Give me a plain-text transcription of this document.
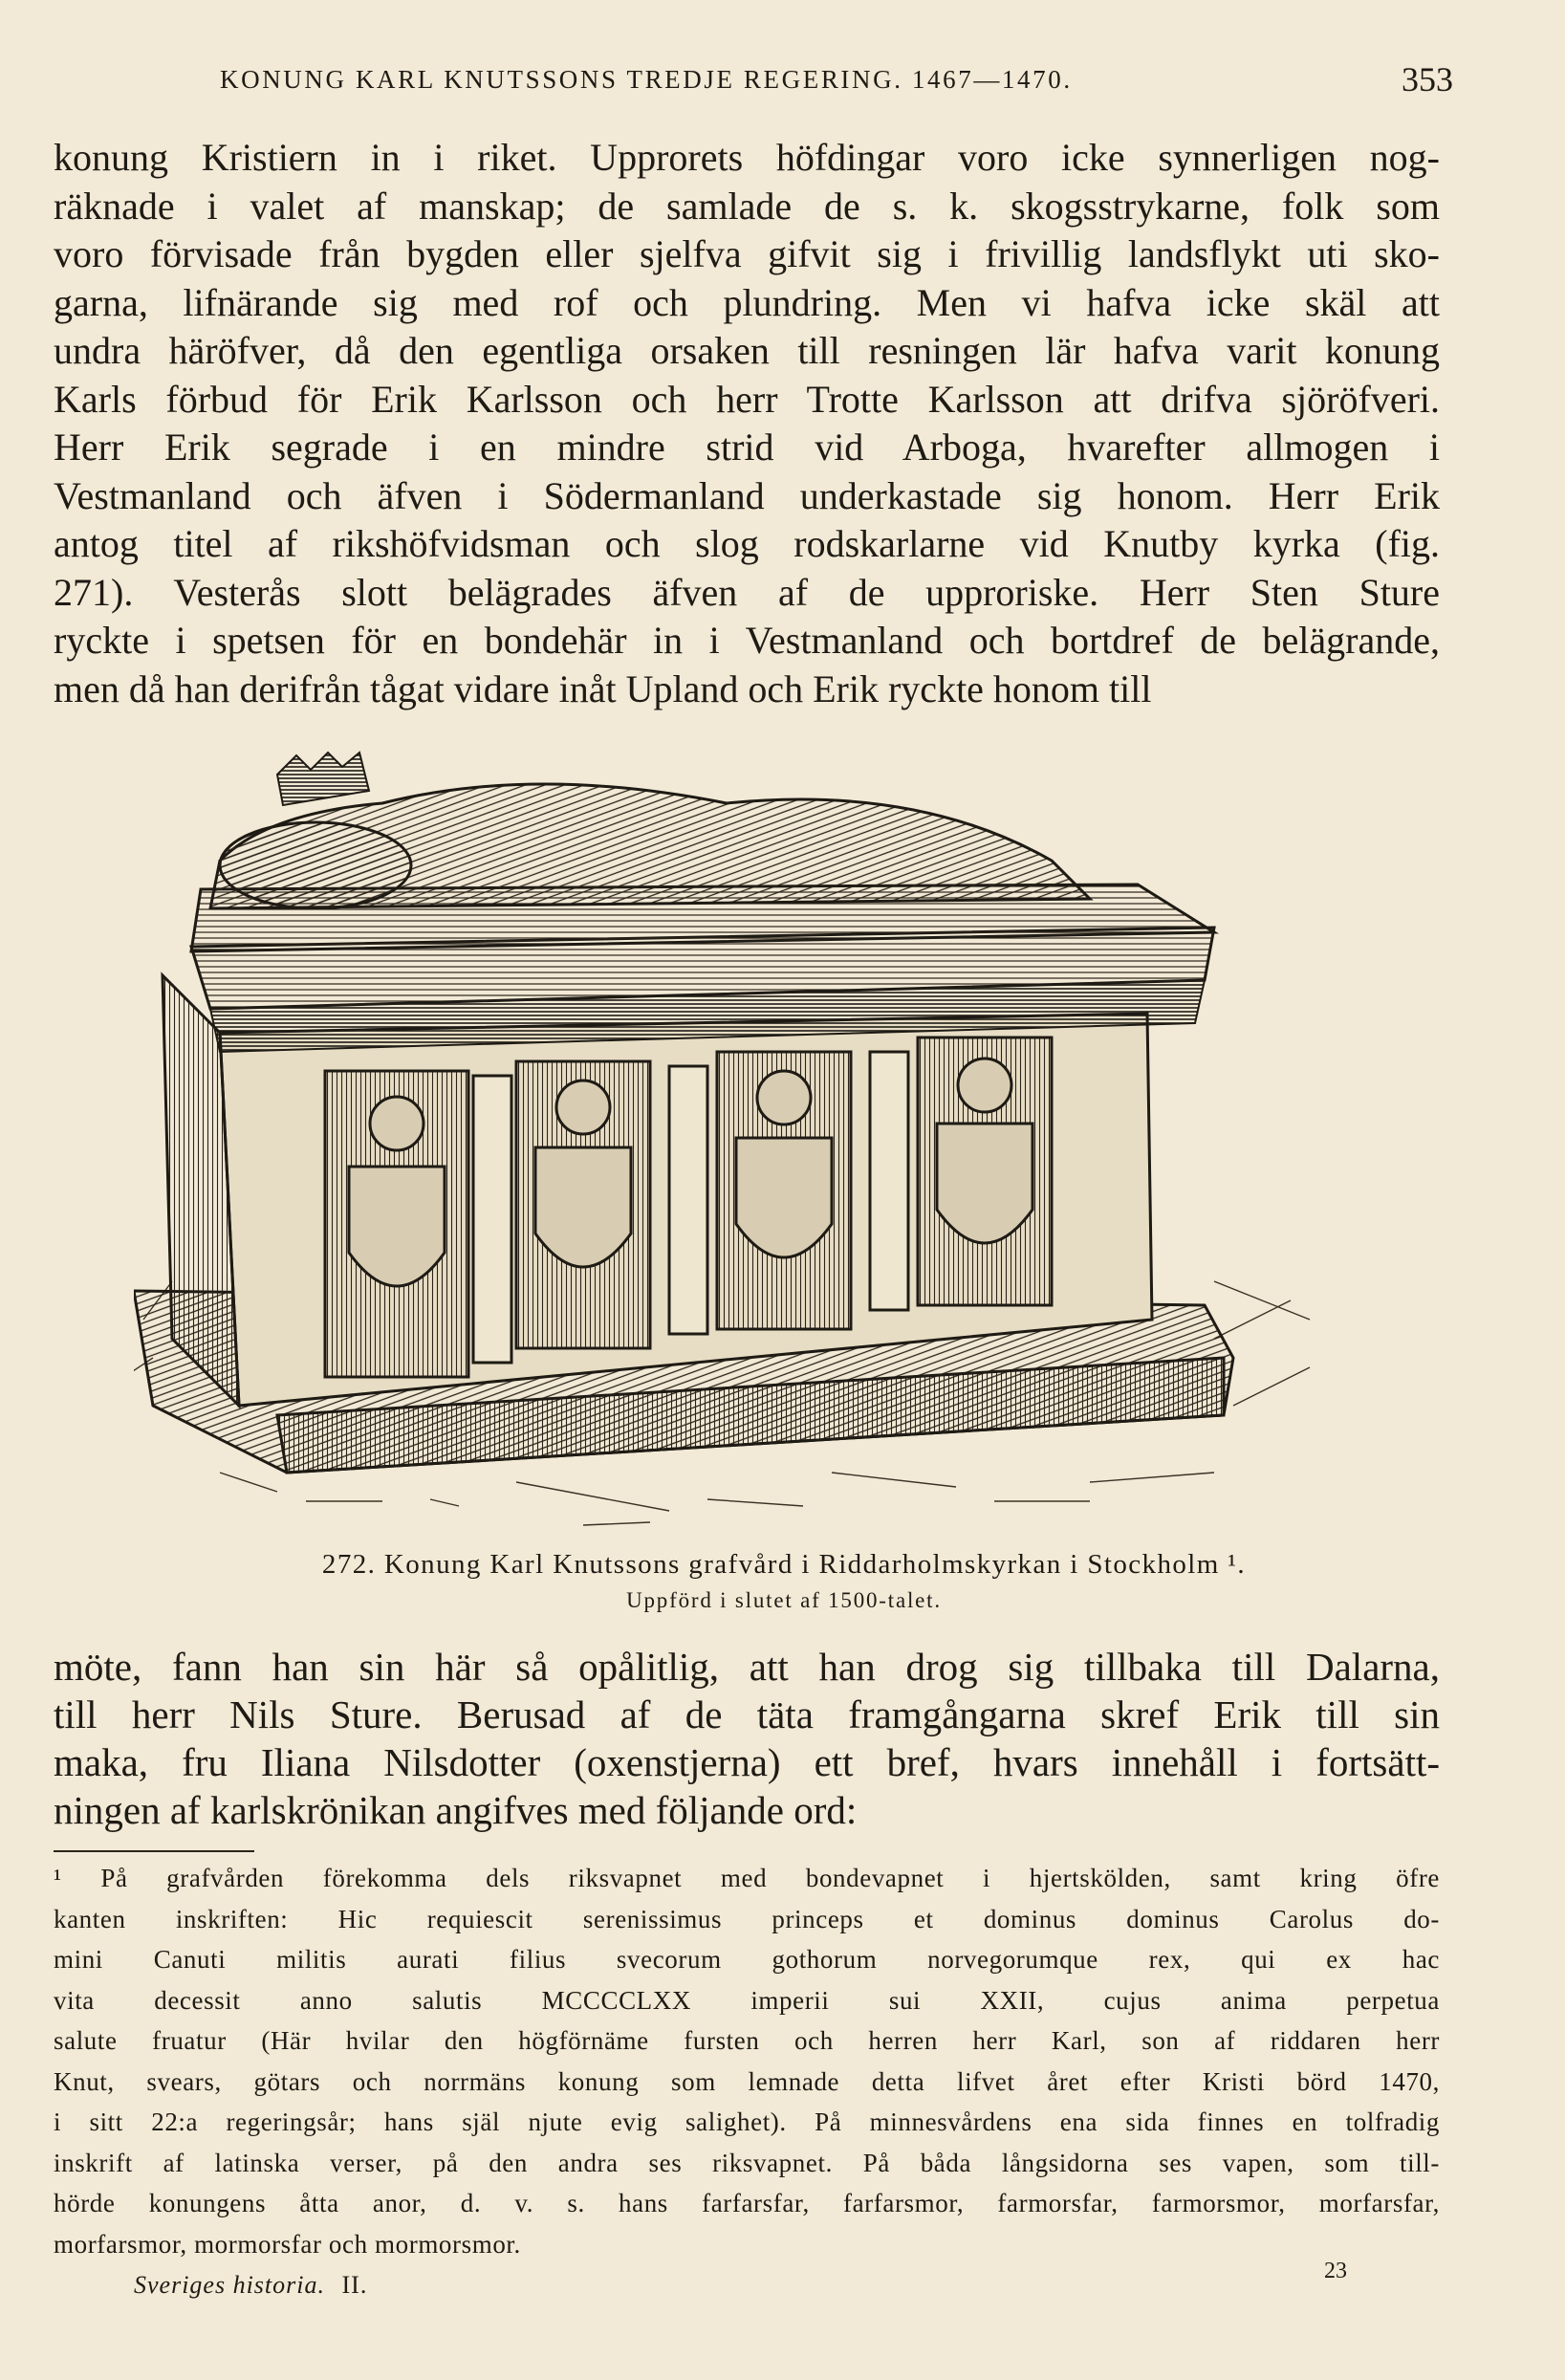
KONUNG KARL KNUTSSONS TREDJE REGERING. 1467—1470.	353
konung Kristiern in i riket. Upprorets höfdingar voro icke synnerligen nog-
räknade i valet af manskap; de samlade de s. k. skogsstrykarne, folk som
voro förvisade från bygden eller sjelfva gifvit sig i frivillig landsflykt uti sko-
garna, lifnärande sig med rof och plundring. Men vi hafva icke skäl att
undra häröfver, då den egentliga orsaken till resningen lär hafva varit konung
Karls förbud för Erik Karlsson och herr Trotte Karlsson att drifva sjöröfveri.
Herr Erik segrade i en mindre strid vid Arboga, hvarefter allmogen i
Vestmanland och äfven i Södermanland underkastade sig honom. Herr Erik
antog titel af rikshöfvidsman och slog rodskarlarne vid Knutby kyrka (fig.
271). Vesterås slott belägrades äfven af de upproriske. Herr Sten Sture
ryckte i spetsen för en bondehär in i Vestmanland och bortdref de belägrande,
men då han derifrån tågat vidare inåt Upland och Erik ryckte honom till
272. Konung Karl Knutssons grafvård i Riddarholmskyrkan i Stockholm ¹.
Uppförd i slutet af 1500-talet.
möte, fann han sin här så opålitlig, att han drog sig tillbaka till Dalarna,
till herr Nils Sture. Berusad af de täta framgångarna skref Erik till sin
maka, fru Iliana Nilsdotter (oxenstjerna) ett bref, hvars innehåll i fortsätt-
ningen af karlskrönikan angifves med följande ord:
¹ På grafvården förekomma dels riksvapnet med bondevapnet i hjertskölden, samt kring öfre
kanten inskriften: Hic requiescit serenissimus princeps et dominus dominus Carolus do-
mini Canuti militis aurati filius svecorum gothorum norvegorumque rex, qui ex hac
vita decessit anno salutis MCCCCLXX imperii sui XXII, cujus anima perpetua
salute fruatur (Här hvilar den högförnäme fursten och herren herr Karl, son af riddaren herr
Knut, svears, götars och norrmäns konung som lemnade detta lifvet året efter Kristi börd 1470,
i sitt 22:a regeringsår; hans själ njute evig salighet). På minnesvårdens ena sida finnes en tolfradig
inskrift af latinska verser, på den andra ses riksvapnet. På båda långsidorna ses vapen, som till-
hörde konungens åtta anor, d. v. s. hans farfarsfar, farfarsmor, farmorsfar, farmorsmor, morfarsfar,
morfarsmor, mormorsfar och mormorsmor.
Sveriges historia. II.	23
